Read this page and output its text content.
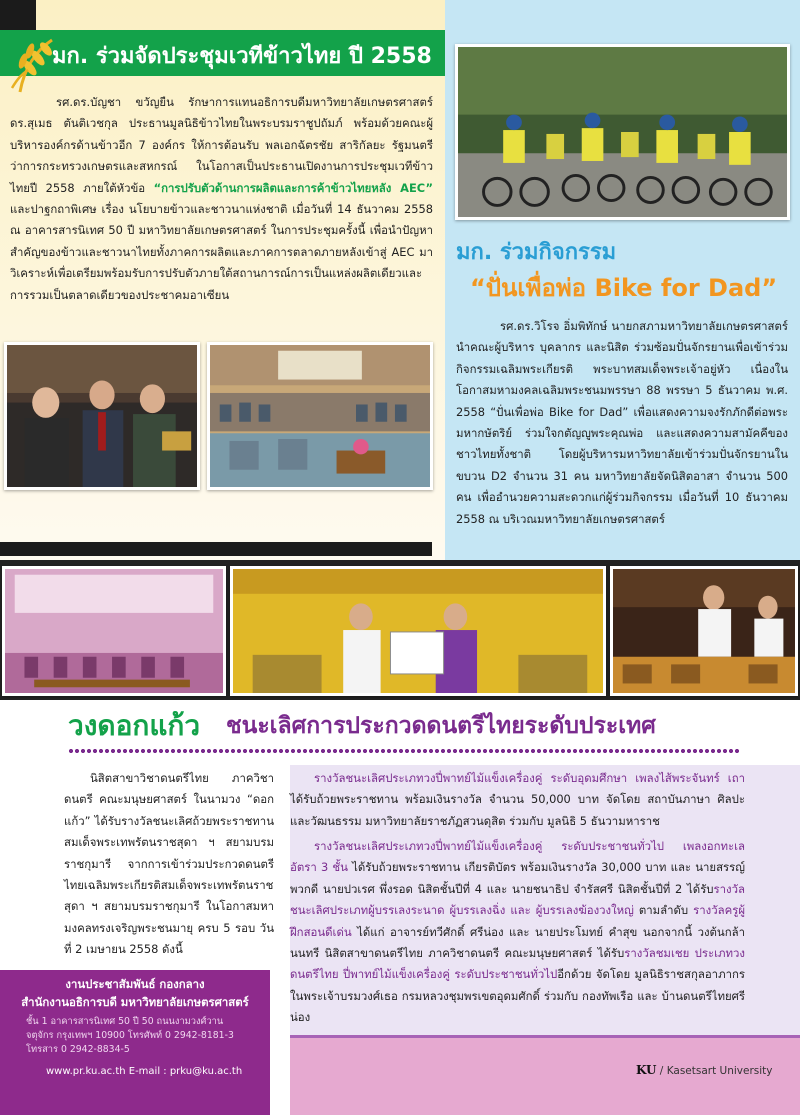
มก. ร่วมจัดประชุมเวทีข้าวไทย ปี 2558
รศ.ดร.บัญชา ขวัญยืน รักษาการแทนอธิการบดีมหาวิทยาลัยเกษตรศาสตร์ ดร.สุเมธ ตันติเวชกุล ประธานมูลนิธิข้าวไทยในพระบรมราชูปถัมภ์ พร้อมด้วยคณะผู้บริหารองค์กรด้านข้าวอีก 7 องค์กร ให้การต้อนรับ พลเอกฉัตรชัย สาริกัลยะ รัฐมนตรีว่าการกระทรวงเกษตรและสหกรณ์ ในโอกาสเป็นประธานเปิดงานการประชุมเวทีข้าวไทยปี 2558 ภายใต้หัวข้อ “การปรับตัวด้านการผลิตและการค้าข้าวไทยหลัง AEC” และปาฐกถาพิเศษ เรื่อง นโยบายข้าวและชาวนาแห่งชาติ เมื่อวันที่ 14 ธันวาคม 2558 ณ อาคารสารนิเทศ 50 ปี มหาวิทยาลัยเกษตรศาสตร์ ในการประชุมครั้งนี้ เพื่อนำปัญหาสำคัญของข้าวและชาวนาไทยทั้งภาคการผลิตและภาคการตลาดภายหลังเข้าสู่ AEC มาวิเคราะห์เพื่อเตรียมพร้อมรับการปรับตัวภายใต้สถานการณ์การเป็นแหล่งผลิตเดียวและการรวมเป็นตลาดเดียวของประชาคมอาเซียน
มก. ร่วมกิจกรรม
“ปั่นเพื่อพ่อ Bike for Dad”
รศ.ดร.วิโรจ อิ่มพิทักษ์ นายกสภามหาวิทยาลัยเกษตรศาสตร์ นำคณะผู้บริหาร บุคลากร และนิสิต ร่วมซ้อมปั่นจักรยานเพื่อเข้าร่วมกิจกรรมเฉลิมพระเกียรติ พระบาทสมเด็จพระเจ้าอยู่หัว เนื่องในโอกาสมหามงคลเฉลิมพระชนมพรรษา 88 พรรษา 5 ธันวาคม พ.ศ. 2558 “ปั่นเพื่อพ่อ Bike for Dad” เพื่อแสดงความจงรักภักดีต่อพระมหากษัตริย์ ร่วมใจกตัญญูพระคุณพ่อ และแสดงความสามัคคีของชาวไทยทั้งชาติ โดยผู้บริหารมหาวิทยาลัยเข้าร่วมปั่นจักรยานในขบวน D2 จำนวน 31 คน มหาวิทยาลัยจัดนิสิตอาสา จำนวน 500 คน เพื่ออำนวยความสะดวกแก่ผู้ร่วมกิจกรรม เมื่อวันที่ 10 ธันวาคม 2558 ณ บริเวณมหาวิทยาลัยเกษตรศาสตร์
วงดอกแก้ว ชนะเลิศการประกวดดนตรีไทยระดับประเทศ
นิสิตสาขาวิชาดนตรีไทย ภาควิชาดนตรี คณะมนุษยศาสตร์ ในนามวง “ดอกแก้ว” ได้รับรางวัลชนะเลิศถ้วยพระราชทานสมเด็จพระเทพรัตนราชสุดา ฯ สยามบรมราชกุมารี จากการเข้าร่วมประกวดดนตรีไทยเฉลิมพระเกียรติสมเด็จพระเทพรัตนราชสุดา ฯ สยามบรมราชกุมารี ในโอกาสมหามงคลทรงเจริญพระชนมายุ ครบ 5 รอบ วันที่ 2 เมษายน 2558 ดังนี้
รางวัลชนะเลิศประเภทวงปี่พาทย์ไม้แข็งเครื่องคู่ ระดับอุดมศึกษา เพลงไส้พระจันทร์ เถา ได้รับถ้วยพระราชทาน พร้อมเงินรางวัล จำนวน 50,000 บาท จัดโดย สถาบันภาษา ศิลปะ และวัฒนธรรม มหาวิทยาลัยราชภัฏสวนดุสิต ร่วมกับ มูลนิธิ 5 ธันวามหาราช
รางวัลชนะเลิศประเภทวงปี่พาทย์ไม้แข็งเครื่องคู่ ระดับประชาชนทั่วไป เพลงอกทะเล อัตรา 3 ชั้น ได้รับถ้วยพระราชทาน เกียรติบัตร พร้อมเงินรางวัล 30,000 บาท และ นายสรรญ์ พวกดี นายปวเรศ พึ่งรอด นิสิตชั้นปีที่ 4 และ นายชนาธิป จำรัสศรี นิสิตชั้นปีที่ 2 ได้รับรางวัลชนะเลิศประเภทผู้บรรเลงระนาด ผู้บรรเลงฉิ่ง และ ผู้บรรเลงฆ้องวงใหญ่ ตามลำดับ รางวัลครูผู้ฝึกสอนดีเด่น ได้แก่ อาจารย์ทวีศักดิ์ ศรีน่อง และ นายประโมทย์ คำสุข นอกจากนี้ วงต้นกล้านนทรี นิสิตสาขาดนตรีไทย ภาควิชาดนตรี คณะมนุษยศาสตร์ ได้รับรางวัลชมเชย ประเภทวงดนตรีไทย ปี่พาทย์ไม้แข็งเครื่องคู่ ระดับประชาชนทั่วไปอีกด้วย จัดโดย มูลนิธิราชสกุลอาภากรในพระเจ้าบรมวงศ์เธอ กรมหลวงชุมพรเขตอุดมศักดิ์ ร่วมกับ กองทัพเรือ และ บ้านดนตรีไทยศรีน่อง
งานประชาสัมพันธ์ กองกลาง
สำนักงานอธิการบดี มหาวิทยาลัยเกษตรศาสตร์
ชั้น 1 อาคารสารนิเทศ 50 ปี 50 ถนนงามวงศ์วาน
จตุจักร กรุงเทพฯ 10900 โทรศัพท์ 0 2942-8181-3
โทรสาร 0 2942-8834-5
www.pr.ku.ac.th E-mail : prku@ku.ac.th	KU / Kasetsart University
